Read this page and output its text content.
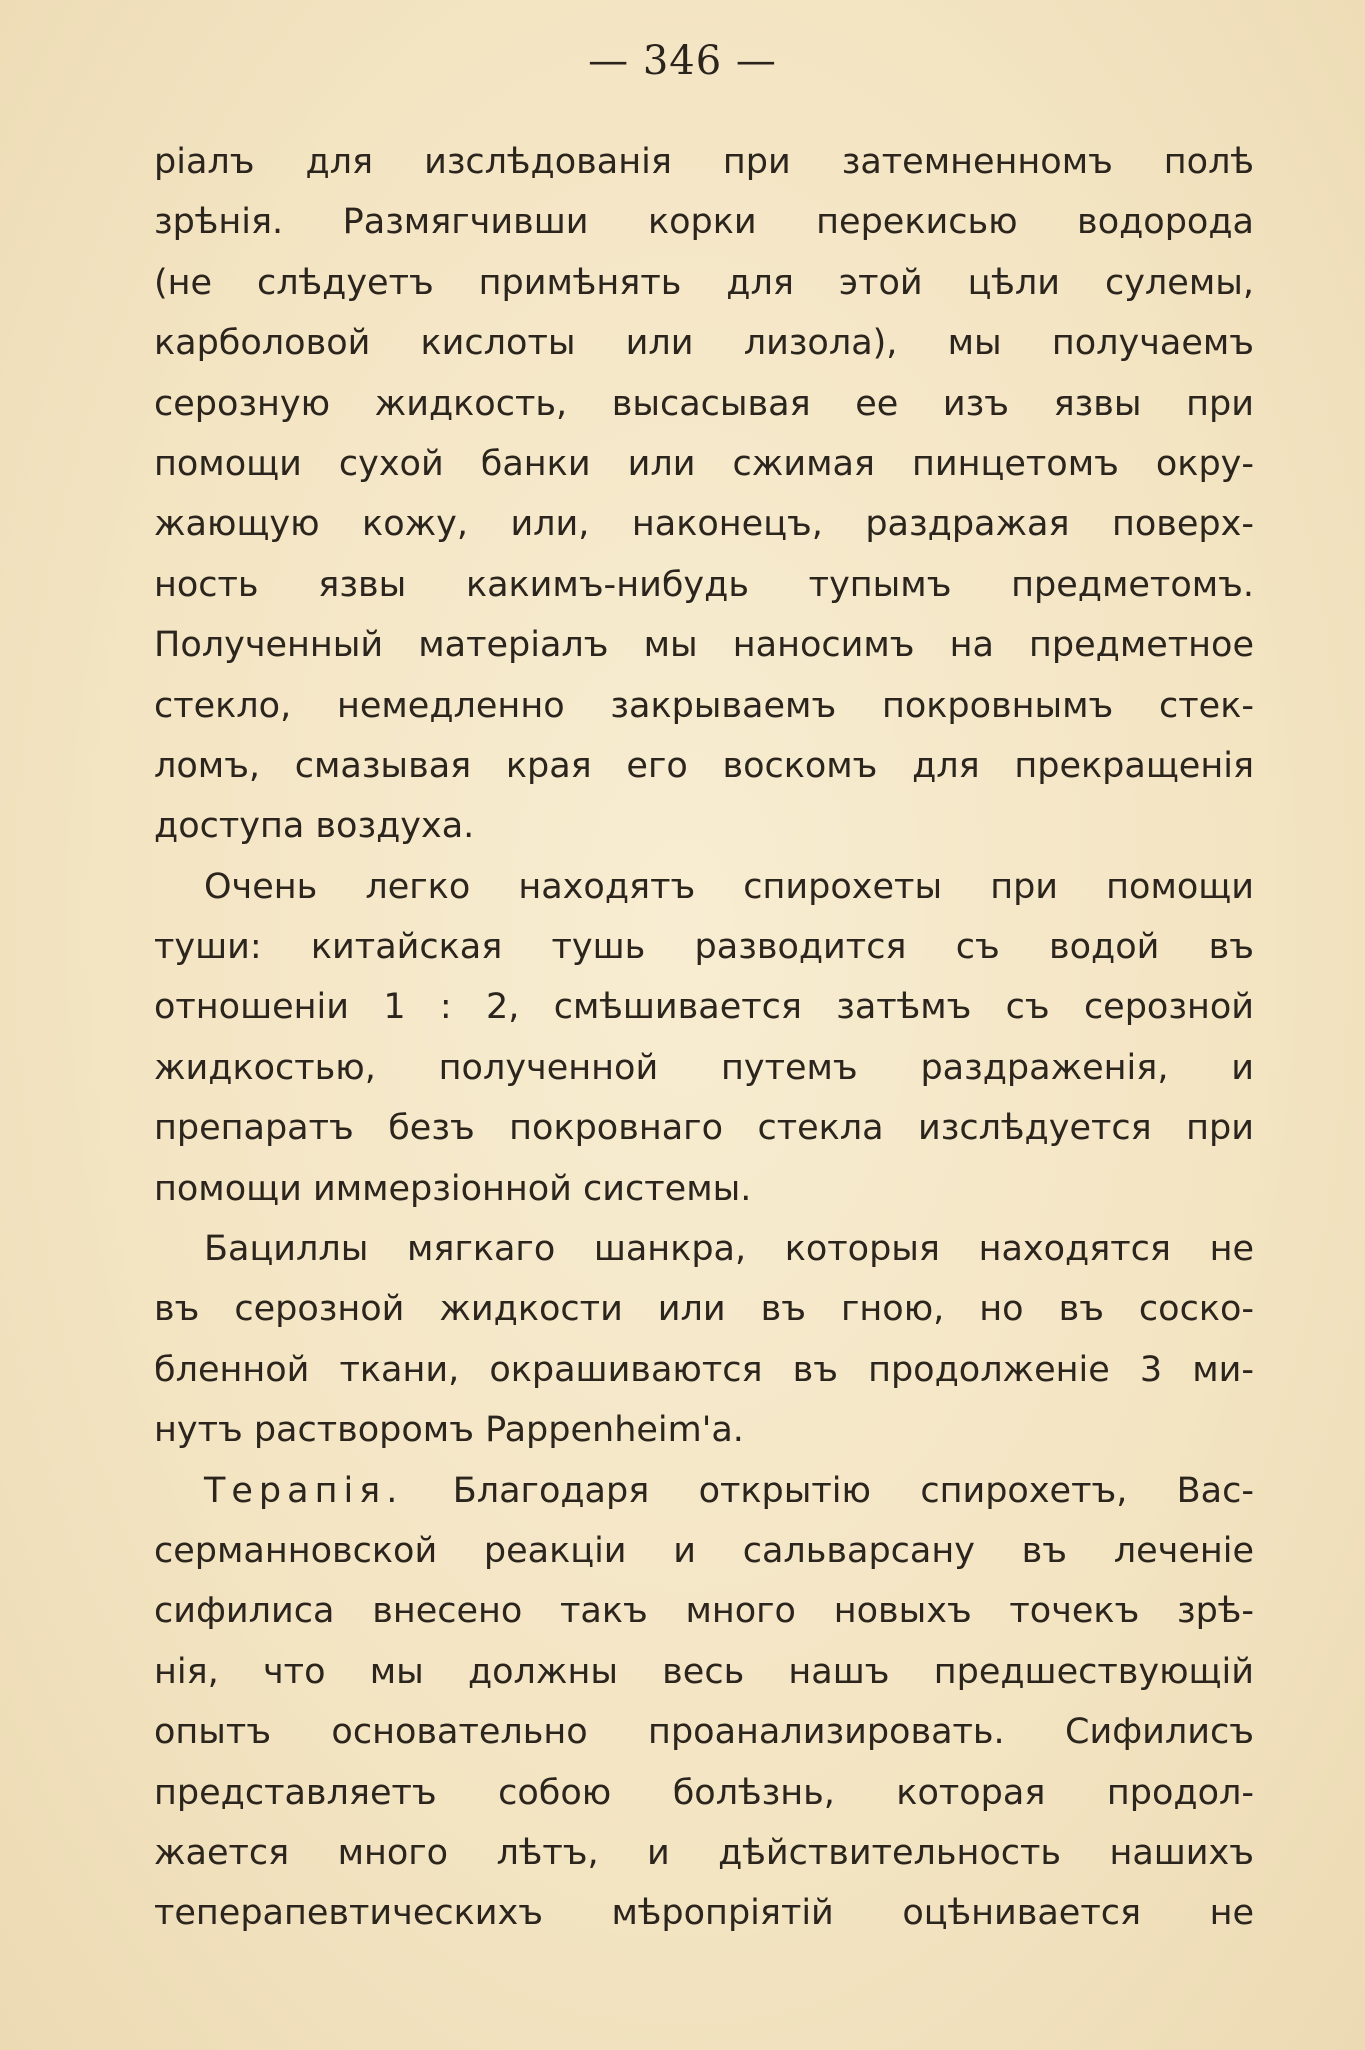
— 346 —
ріалъ для изслѣдованія при затемненномъ полѣ
зрѣнія. Размягчивши корки перекисью водорода
(не слѣдуетъ примѣнять для этой цѣли сулемы,
карболовой кислоты или лизола), мы получаемъ
серозную жидкость, высасывая ее изъ язвы при
помощи сухой банки или сжимая пинцетомъ окру-
жающую кожу, или, наконецъ, раздражая поверх-
ность язвы какимъ-нибудь тупымъ предметомъ.
Полученный матеріалъ мы наносимъ на предметное
стекло, немедленно закрываемъ покровнымъ стек-
ломъ, смазывая края его воскомъ для прекращенія
доступа воздуха.
Очень легко находятъ спирохеты при помощи
туши: китайская тушь разводится съ водой въ
отношеніи 1 : 2, смѣшивается затѣмъ съ серозной
жидкостью, полученной путемъ раздраженія, и
препаратъ безъ покровнаго стекла изслѣдуется при
помощи иммерзіонной системы.
Бациллы мягкаго шанкра, которыя находятся не
въ серозной жидкости или въ гною, но въ соско-
бленной ткани, окрашиваются въ продолженіе 3 ми-
нутъ растворомъ Pappenheim'a.
Терапія. Благодаря открытію спирохетъ, Вас-
серманновской реакціи и сальварсану въ леченіе
сифилиса внесено такъ много новыхъ точекъ зрѣ-
нія, что мы должны весь нашъ предшествующій
опытъ основательно проанализировать. Сифилисъ
представляетъ собою болѣзнь, которая продол-
жается много лѣтъ, и дѣйствительность нашихъ
теперапевтическихъ мѣропріятій оцѣнивается не
